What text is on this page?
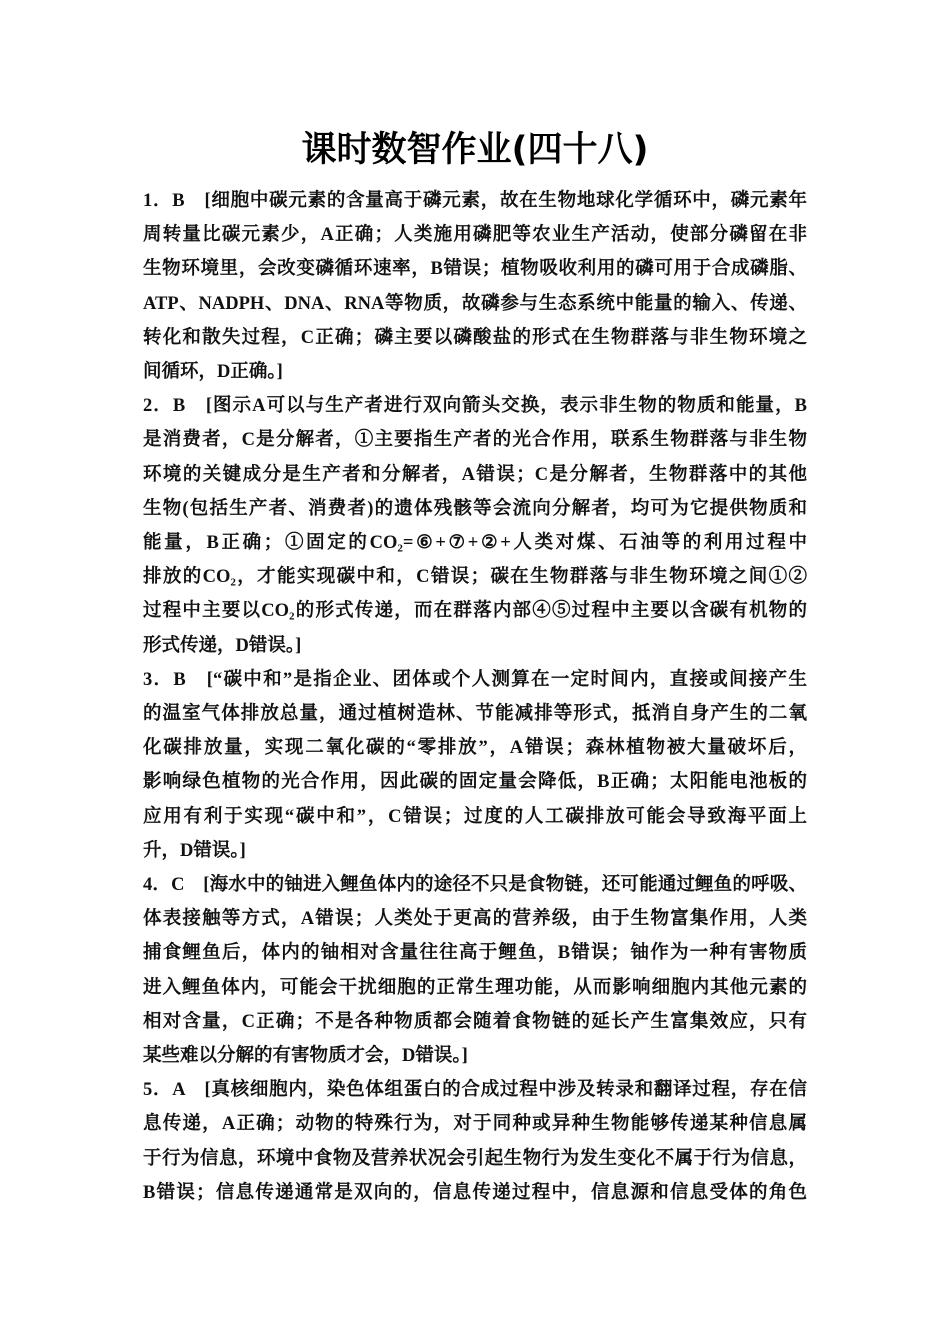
课时数智作业(四十八)
1．B　[细胞中碳元素的含量高于磷元素，故在生物地球化学循环中，磷元素年
周转量比碳元素少，A正确；人类施用磷肥等农业生产活动，使部分磷留在非
生物环境里，会改变磷循环速率，B错误；植物吸收利用的磷可用于合成磷脂、
ATP、NADPH、DNA、RNA等物质，故磷参与生态系统中能量的输入、传递、
转化和散失过程，C正确；磷主要以磷酸盐的形式在生物群落与非生物环境之
间循环，D正确。]
2．B　[图示A可以与生产者进行双向箭头交换，表示非生物的物质和能量，B
是消费者，C是分解者，①主要指生产者的光合作用，联系生物群落与非生物
环境的关键成分是生产者和分解者，A错误；C是分解者，生物群落中的其他
生物(包括生产者、消费者)的遗体残骸等会流向分解者，均可为它提供物质和
能量，B正确；①固定的CO₂=⑥+⑦+②+人类对煤、石油等的利用过程中
排放的CO₂，才能实现碳中和，C错误；碳在生物群落与非生物环境之间①②
过程中主要以CO₂的形式传递，而在群落内部④⑤过程中主要以含碳有机物的
形式传递，D错误。]
3．B　[“碳中和”是指企业、团体或个人测算在一定时间内，直接或间接产生
的温室气体排放总量，通过植树造林、节能减排等形式，抵消自身产生的二氧
化碳排放量，实现二氧化碳的“零排放”，A错误；森林植物被大量破坏后，
影响绿色植物的光合作用，因此碳的固定量会降低，B正确；太阳能电池板的
应用有利于实现“碳中和”，C错误；过度的人工碳排放可能会导致海平面上
升，D错误。]
4．C　[海水中的铀进入鲤鱼体内的途径不只是食物链，还可能通过鲤鱼的呼吸、
体表接触等方式，A错误；人类处于更高的营养级，由于生物富集作用，人类
捕食鲤鱼后，体内的铀相对含量往往高于鲤鱼，B错误；铀作为一种有害物质
进入鲤鱼体内，可能会干扰细胞的正常生理功能，从而影响细胞内其他元素的
相对含量，C正确；不是各种物质都会随着食物链的延长产生富集效应，只有
某些难以分解的有害物质才会，D错误。]
5．A　[真核细胞内，染色体组蛋白的合成过程中涉及转录和翻译过程，存在信
息传递，A正确；动物的特殊行为，对于同种或异种生物能够传递某种信息属
于行为信息，环境中食物及营养状况会引起生物行为发生变化不属于行为信息，
B错误；信息传递通常是双向的，信息传递过程中，信息源和信息受体的角色
